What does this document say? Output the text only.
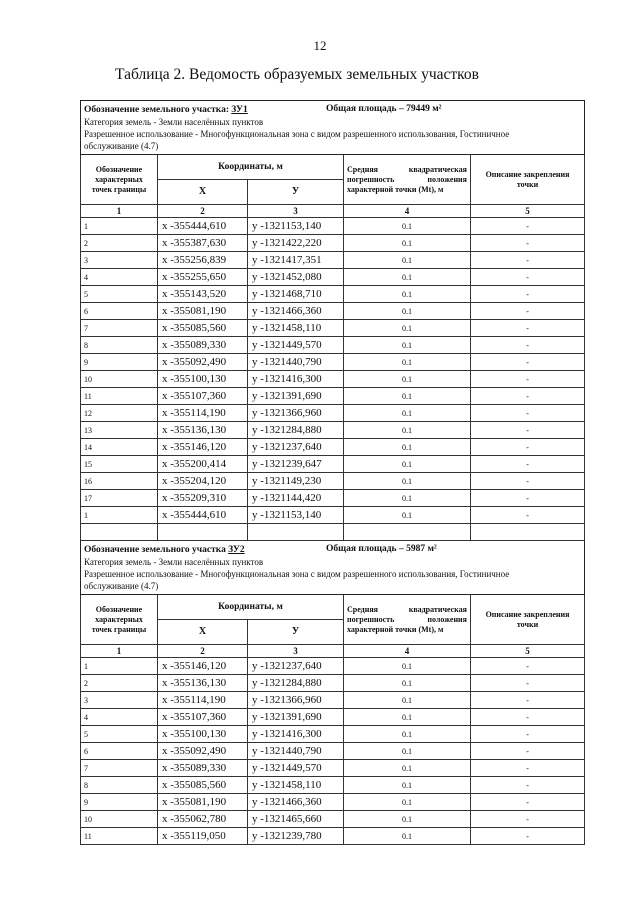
12
Таблица 2. Ведомость образуемых земельных участков
Обозначение земельного участка: ЗУ1 Общая площадь – 79449 м²
Категория земель - Земли населённых пунктов
Разрешенное использование - Многофункциональная зона с видом разрешенного использования, Гостиничное обслуживание (4.7)				

Обозначение характерных точек границы	Координаты, м		Средняя квадратическая погрешность положения характерной точки (Mt), м	Описание закрепления точки
	X	У		
1	2	3	4	5
1	x -355444,610	y -1321153,140	0.1	-
2	x -355387,630	y -1321422,220	0.1	-
3	x -355256,839	y -1321417,351	0.1	-
4	x -355255,650	y -1321452,080	0.1	-
5	x -355143,520	y -1321468,710	0.1	-
6	x -355081,190	y -1321466,360	0.1	-
7	x -355085,560	y -1321458,110	0.1	-
8	x -355089,330	y -1321449,570	0.1	-
9	x -355092,490	y -1321440,790	0.1	-
10	x -355100,130	y -1321416,300	0.1	-
11	x -355107,360	y -1321391,690	0.1	-
12	x -355114,190	y -1321366,960	0.1	-
13	x -355136,130	y -1321284,880	0.1	-
14	x -355146,120	y -1321237,640	0.1	-
15	x -355200,414	y -1321239,647	0.1	-
16	x -355204,120	y -1321149,230	0.1	-
17	x -355209,310	y -1321144,420	0.1	-
1	x -355444,610	y -1321153,140	0.1	-

Обозначение земельного участка ЗУ2 Общая площадь – 5987 м²
Категория земель - Земли населённых пунктов
Разрешенное использование - Многофункциональная зона с видом разрешенного использования, Гостиничное обслуживание (4.7)				

Обозначение характерных точек границы	Координаты, м		Средняя квадратическая погрешность положения характерной точки (Mt), м	Описание закрепления точки
	X	У		
1	2	3	4	5
1	x -355146,120	y -1321237,640	0.1	-
2	x -355136,130	y -1321284,880	0.1	-
3	x -355114,190	y -1321366,960	0.1	-
4	x -355107,360	y -1321391,690	0.1	-
5	x -355100,130	y -1321416,300	0.1	-
6	x -355092,490	y -1321440,790	0.1	-
7	x -355089,330	y -1321449,570	0.1	-
8	x -355085,560	y -1321458,110	0.1	-
9	x -355081,190	y -1321466,360	0.1	-
10	x -355062,780	y -1321465,660	0.1	-
11	x -355119,050	y -1321239,780	0.1	-
